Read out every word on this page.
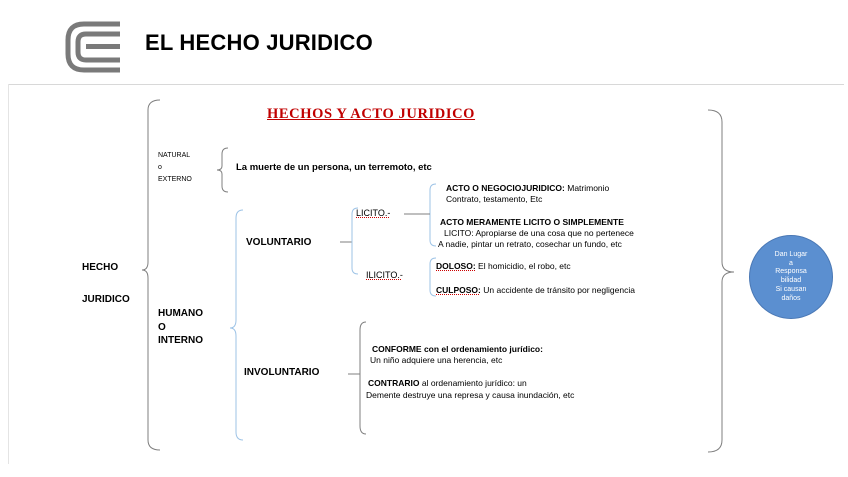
EL HECHO JURIDICO
HECHOS Y ACTO JURIDICO
HECHO
JURIDICO
NATURAL
o
EXTERNO
La muerte de un persona, un terremoto, etc
HUMANO
O
INTERNO
VOLUNTARIO
INVOLUNTARIO
LICITO.-
ILICITO.-
ACTO O NEGOCIOJURIDICO: Matrimonio
Contrato, testamento, Etc
ACTO MERAMENTE LICITO O SIMPLEMENTE
LICITO: Apropiarse de una cosa que no pertenece
A nadie, pintar un retrato, cosechar un fundo, etc
DOLOSO: El homicidio, el robo, etc
CULPOSO: Un accidente de tránsito por negligencia
CONFORME con el ordenamiento jurídico:
Un niño adquiere una herencia, etc
CONTRARIO al ordenamiento jurídico: un
Demente destruye una represa y causa inundación, etc
Dan Lugar
a
Responsa
bilidad
Si causan
daños
